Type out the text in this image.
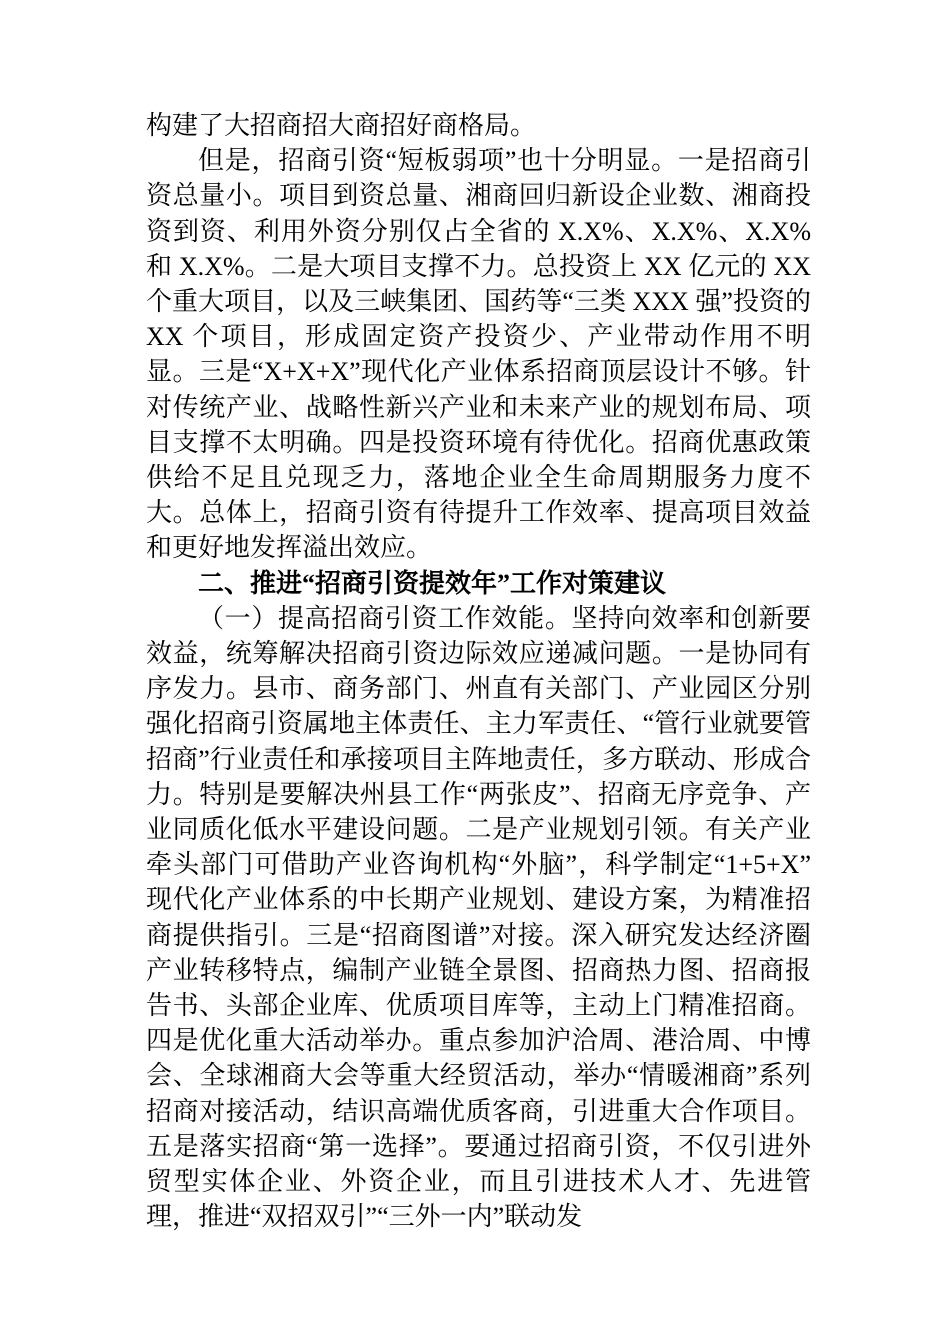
构建了大招商招大商招好商格局。

但是，招商引资“短板弱项”也十分明显。一是招商引资总量小。项目到资总量、湘商回归新设企业数、湘商投资到资、利用外资分别仅占全省的 X.X%、X.X%、X.X% 和 X.X%。二是大项目支撑不力。总投资上 XX 亿元的 XX 个重大项目，以及三峡集团、国药等“三类 XXX 强”投资的 XX 个项目，形成固定资产投资少、产业带动作用不明显。三是“X+X+X”现代化产业体系招商顶层设计不够。针对传统产业、战略性新兴产业和未来产业的规划布局、项目支撑不太明确。四是投资环境有待优化。招商优惠政策供给不足且兑现乏力，落地企业全生命周期服务力度不大。总体上，招商引资有待提升工作效率、提高项目效益和更好地发挥溢出效应。

二、推进“招商引资提效年”工作对策建议

（一）提高招商引资工作效能。坚持向效率和创新要效益，统筹解决招商引资边际效应递减问题。一是协同有序发力。县市、商务部门、州直有关部门、产业园区分别强化招商引资属地主体责任、主力军责任、“管行业就要管招商”行业责任和承接项目主阵地责任，多方联动、形成合力。特别是要解决州县工作“两张皮”、招商无序竞争、产业同质化低水平建设问题。二是产业规划引领。有关产业牵头部门可借助产业咨询机构“外脑”，科学制定“1+5+X”现代化产业体系的中长期产业规划、建设方案，为精准招商提供指引。三是“招商图谱”对接。深入研究发达经济圈产业转移特点，编制产业链全景图、招商热力图、招商报告书、头部企业库、优质项目库等，主动上门精准招商。四是优化重大活动举办。重点参加沪洽周、港洽周、中博会、全球湘商大会等重大经贸活动，举办“情暖湘商”系列招商对接活动，结识高端优质客商，引进重大合作项目。五是落实招商“第一选择”。要通过招商引资，不仅引进外贸型实体企业、外资企业，而且引进技术人才、先进管理，推进“双招双引”“三外一内”联动发
